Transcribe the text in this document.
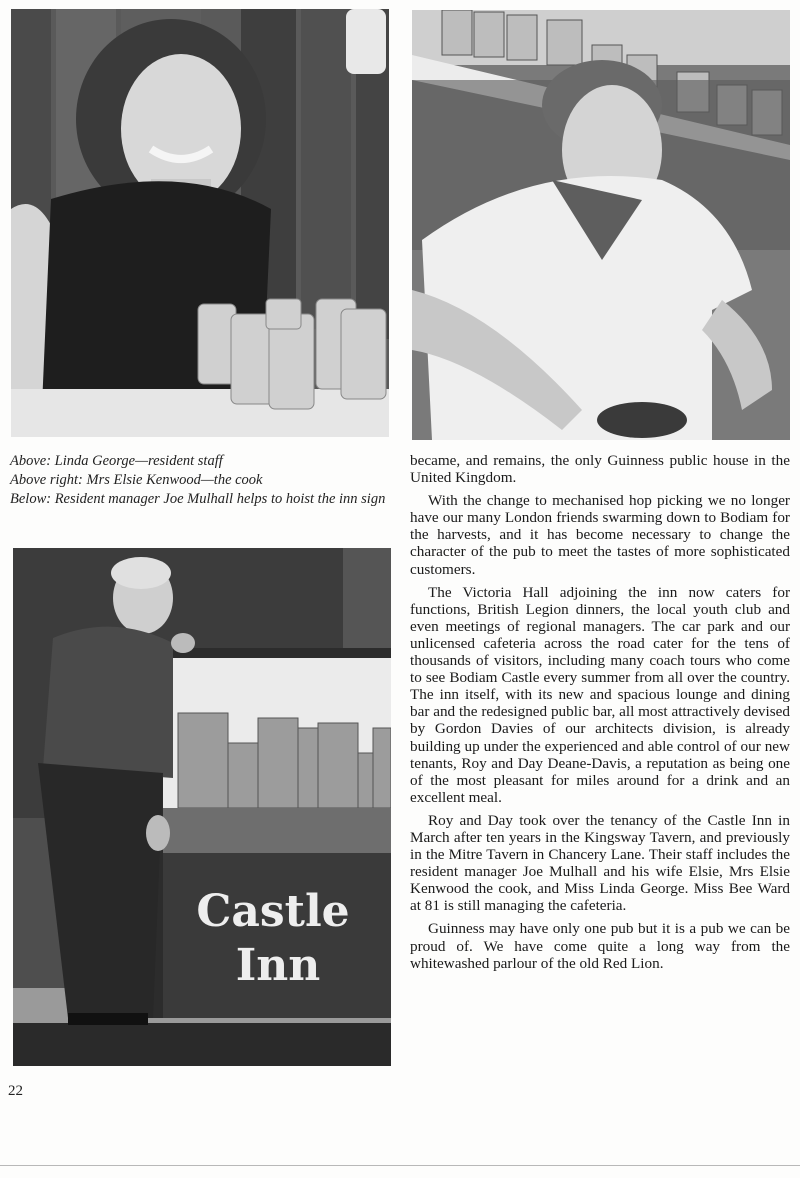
Above: Linda George—resident staff

Above right: Mrs Elsie Kenwood—the cook

Below: Resident manager Joe Mulhall helps to hoist the inn sign

Castle
Inn

became, and remains, the only Guinness public house in the United Kingdom.

With the change to mechanised hop picking we no longer have our many London friends swarming down to Bodiam for the harvests, and it has become necessary to change the character of the pub to meet the tastes of more sophisticated customers.

The Victoria Hall adjoining the inn now caters for functions, British Legion dinners, the local youth club and even meetings of regional managers. The car park and our unlicensed cafeteria across the road cater for the tens of thousands of visitors, including many coach tours who come to see Bodiam Castle every summer from all over the country. The inn itself, with its new and spacious lounge and dining bar and the redesigned public bar, all most attractively devised by Gordon Davies of our architects division, is already building up under the experienced and able control of our new tenants, Roy and Day Deane-Davis, a reputation as being one of the most pleasant for miles around for a drink and an excellent meal.

Roy and Day took over the tenancy of the Castle Inn in March after ten years in the Kingsway Tavern, and previously in the Mitre Tavern in Chancery Lane. Their staff includes the resident manager Joe Mulhall and his wife Elsie, Mrs Elsie Kenwood the cook, and Miss Linda George. Miss Bee Ward at 81 is still managing the cafeteria.

Guinness may have only one pub but it is a pub we can be proud of. We have come quite a long way from the whitewashed parlour of the old Red Lion.

22
